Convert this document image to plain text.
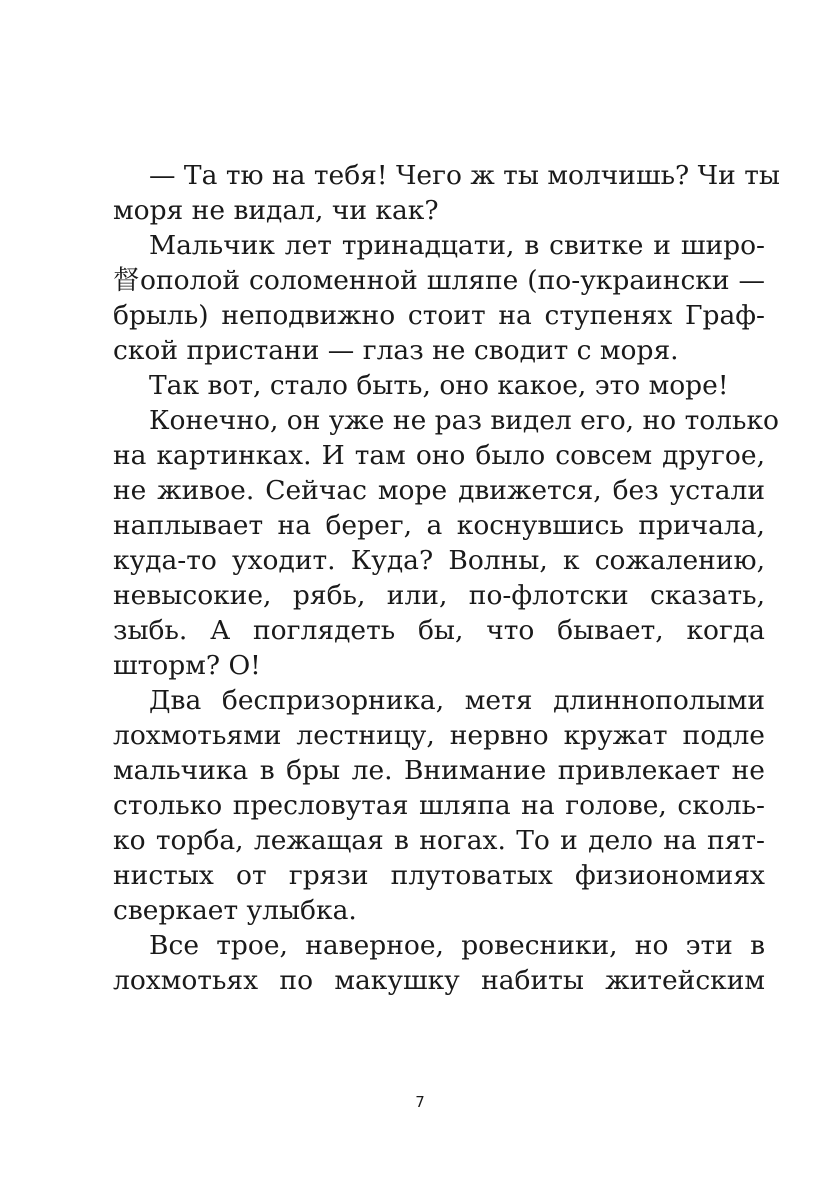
— Та тю на тебя! Чего ж ты молчишь? Чи ты
моря не видал, чи как?
Мальчик лет тринадцати, в свитке и широ-
督ополой соломенной шляпе (по-украински —
брыль) неподвижно стоит на ступенях Граф-
ской пристани — глаз не сводит с моря.
Так вот, стало быть, оно какое, это море!
Конечно, он уже не раз видел его, но только
на картинках. И там оно было совсем другое,
не живое. Сейчас море движется, без устали
наплывает на берег, а коснувшись причала,
куда-то уходит. Куда? Волны, к сожалению,
невысокие, рябь, или, по-флотски сказать,
зыбь. А поглядеть бы, что бывает, когда
шторм? О!
Два беспризорника, метя длиннополыми
лохмотьями лестницу, нервно кружат подле
мальчика в бры ле. Внимание привлекает не
столько пресловутая шляпа на голове, сколь-
ко торба, лежащая в ногах. То и дело на пят-
нистых от грязи плутоватых физиономиях
сверкает улыбка.
Все трое, наверное, ровесники, но эти в
лохмотьях по макушку набиты житейским
7
